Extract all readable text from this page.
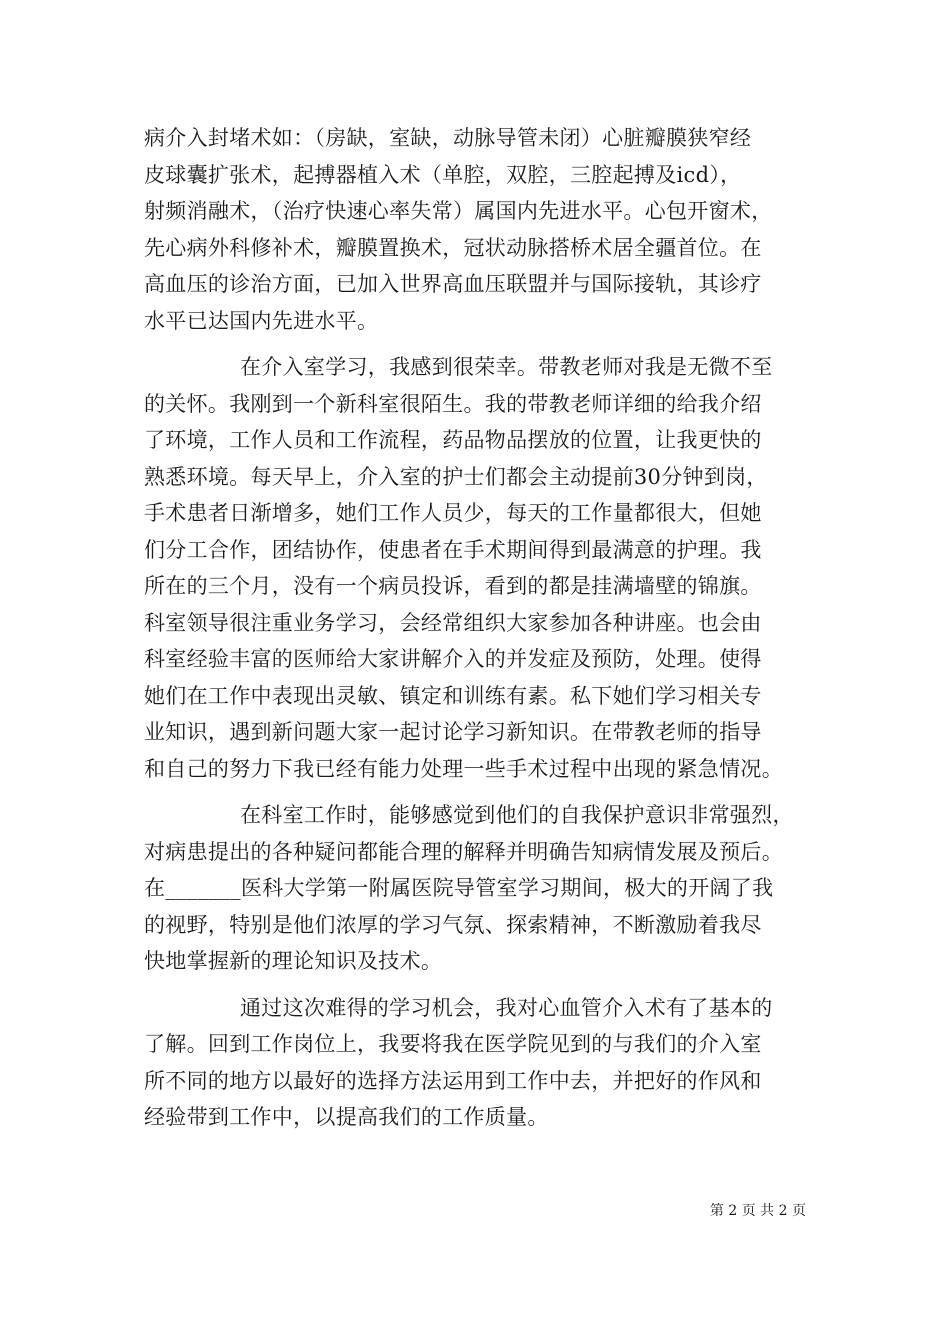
病介入封堵术如：（房缺，室缺，动脉导管未闭）心脏瓣膜狭窄经
皮球囊扩张术，起搏器植入术（单腔，双腔，三腔起搏及icd），
射频消融术，（治疗快速心率失常）属国内先进水平。心包开窗术，
先心病外科修补术，瓣膜置换术，冠状动脉搭桥术居全疆首位。在
高血压的诊治方面，已加入世界高血压联盟并与国际接轨，其诊疗
水平已达国内先进水平。
在介入室学习，我感到很荣幸。带教老师对我是无微不至
的关怀。我刚到一个新科室很陌生。我的带教老师详细的给我介绍
了环境，工作人员和工作流程，药品物品摆放的位置，让我更快的
熟悉环境。每天早上，介入室的护士们都会主动提前30分钟到岗，
手术患者日渐增多，她们工作人员少，每天的工作量都很大，但她
们分工合作，团结协作，使患者在手术期间得到最满意的护理。我
所在的三个月，没有一个病员投诉，看到的都是挂满墙壁的锦旗。
科室领导很注重业务学习，会经常组织大家参加各种讲座。也会由
科室经验丰富的医师给大家讲解介入的并发症及预防，处理。使得
她们在工作中表现出灵敏、镇定和训练有素。私下她们学习相关专
业知识，遇到新问题大家一起讨论学习新知识。在带教老师的指导
和自己的努力下我已经有能力处理一些手术过程中出现的紧急情况。
在科室工作时，能够感觉到他们的自我保护意识非常强烈，
对病患提出的各种疑问都能合理的解释并明确告知病情发展及预后。
在_______医科大学第一附属医院导管室学习期间，极大的开阔了我
的视野，特别是他们浓厚的学习气氛、探索精神，不断激励着我尽
快地掌握新的理论知识及技术。
通过这次难得的学习机会，我对心血管介入术有了基本的
了解。回到工作岗位上，我要将我在医学院见到的与我们的介入室
所不同的地方以最好的选择方法运用到工作中去，并把好的作风和
经验带到工作中，以提高我们的工作质量。
第 2 页 共 2 页
